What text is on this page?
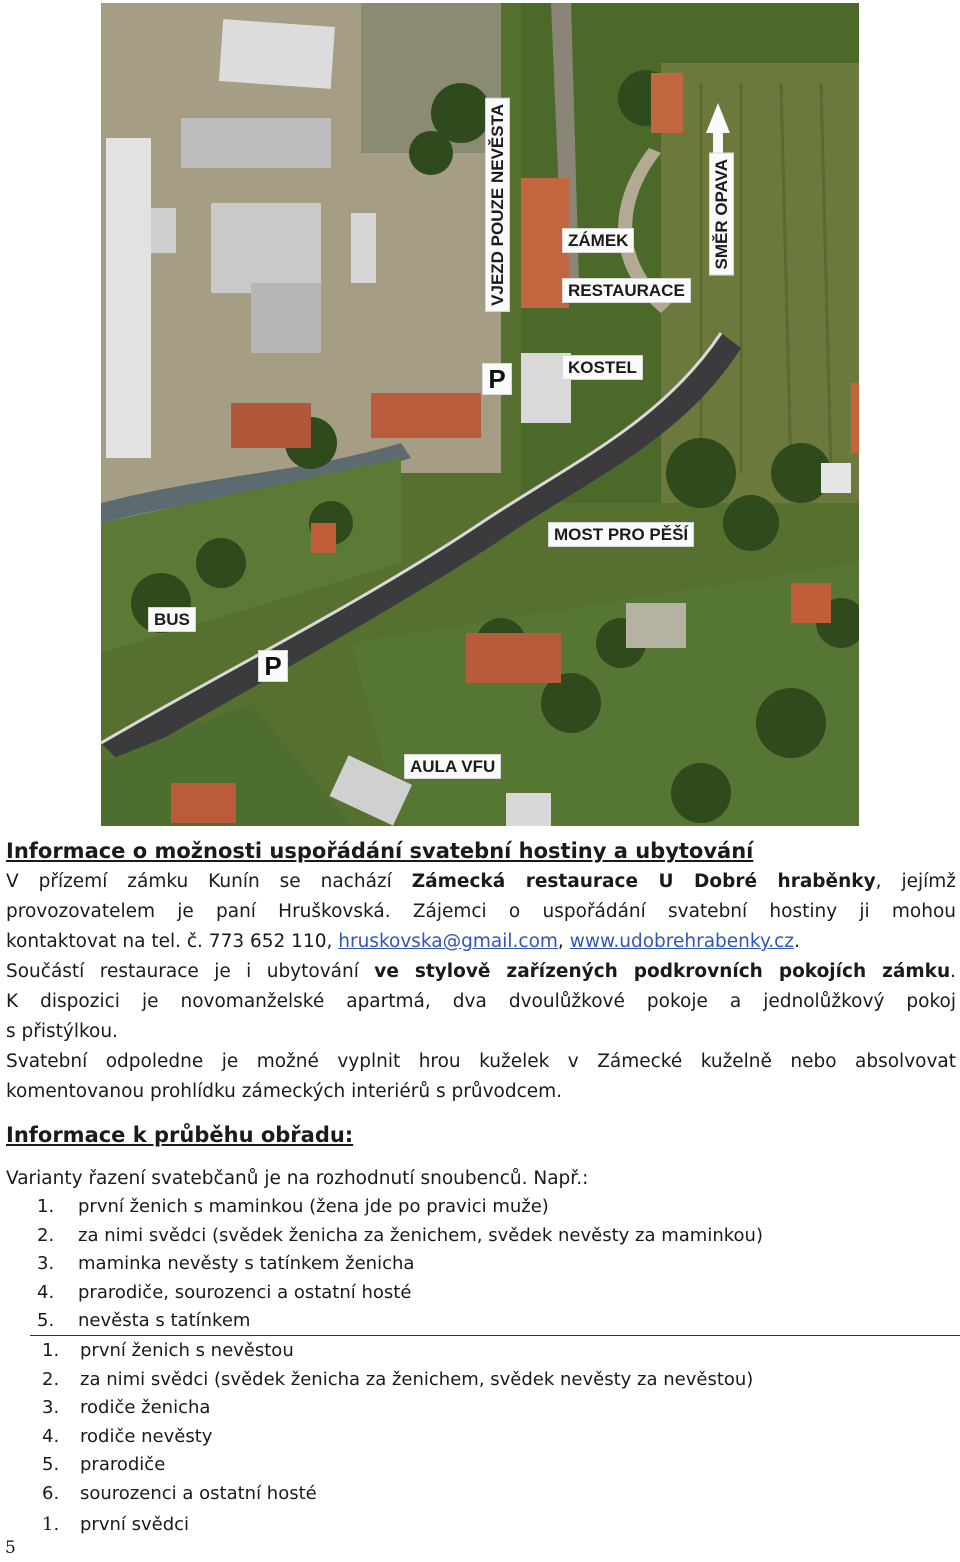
VJEZD POUZE NEVĚSTA	SMĚR OPAVA
ZÁMEK
RESTAURACE
P	KOSTEL
MOST PRO PĚŠÍ
BUS
P
AULA VFU
Informace o možnosti uspořádání svatební hostiny a ubytování
V přízemí zámku Kunín se nachází Zámecká restaurace U Dobré hraběnky, jejímž
provozovatelem je paní Hruškovská. Zájemci o uspořádání svatební hostiny ji mohou
kontaktovat na tel. č. 773 652 110, hruskovska@gmail.com, www.udobrehrabenky.cz.
Součástí restaurace je i ubytování ve stylově zařízených podkrovních pokojích zámku.
K dispozici je novomanželské apartmá, dva dvoulůžkové pokoje a jednolůžkový pokoj
s přistýlkou.
Svatební odpoledne je možné vyplnit hrou kuželek v Zámecké kuželně nebo absolvovat
komentovanou prohlídku zámeckých interiérů s průvodcem.
Informace k průběhu obřadu:
Varianty řazení svatebčanů je na rozhodnutí snoubenců. Např.:
1. první ženich s maminkou (žena jde po pravici muže)
2. za nimi svědci (svědek ženicha za ženichem, svědek nevěsty za maminkou)
3. maminka nevěsty s tatínkem ženicha
4. prarodiče, sourozenci a ostatní hosté
5. nevěsta s tatínkem
1. první ženich s nevěstou
2. za nimi svědci (svědek ženicha za ženichem, svědek nevěsty za nevěstou)
3. rodiče ženicha
4. rodiče nevěsty
5. prarodiče
6. sourozenci a ostatní hosté
1. první svědci
5
